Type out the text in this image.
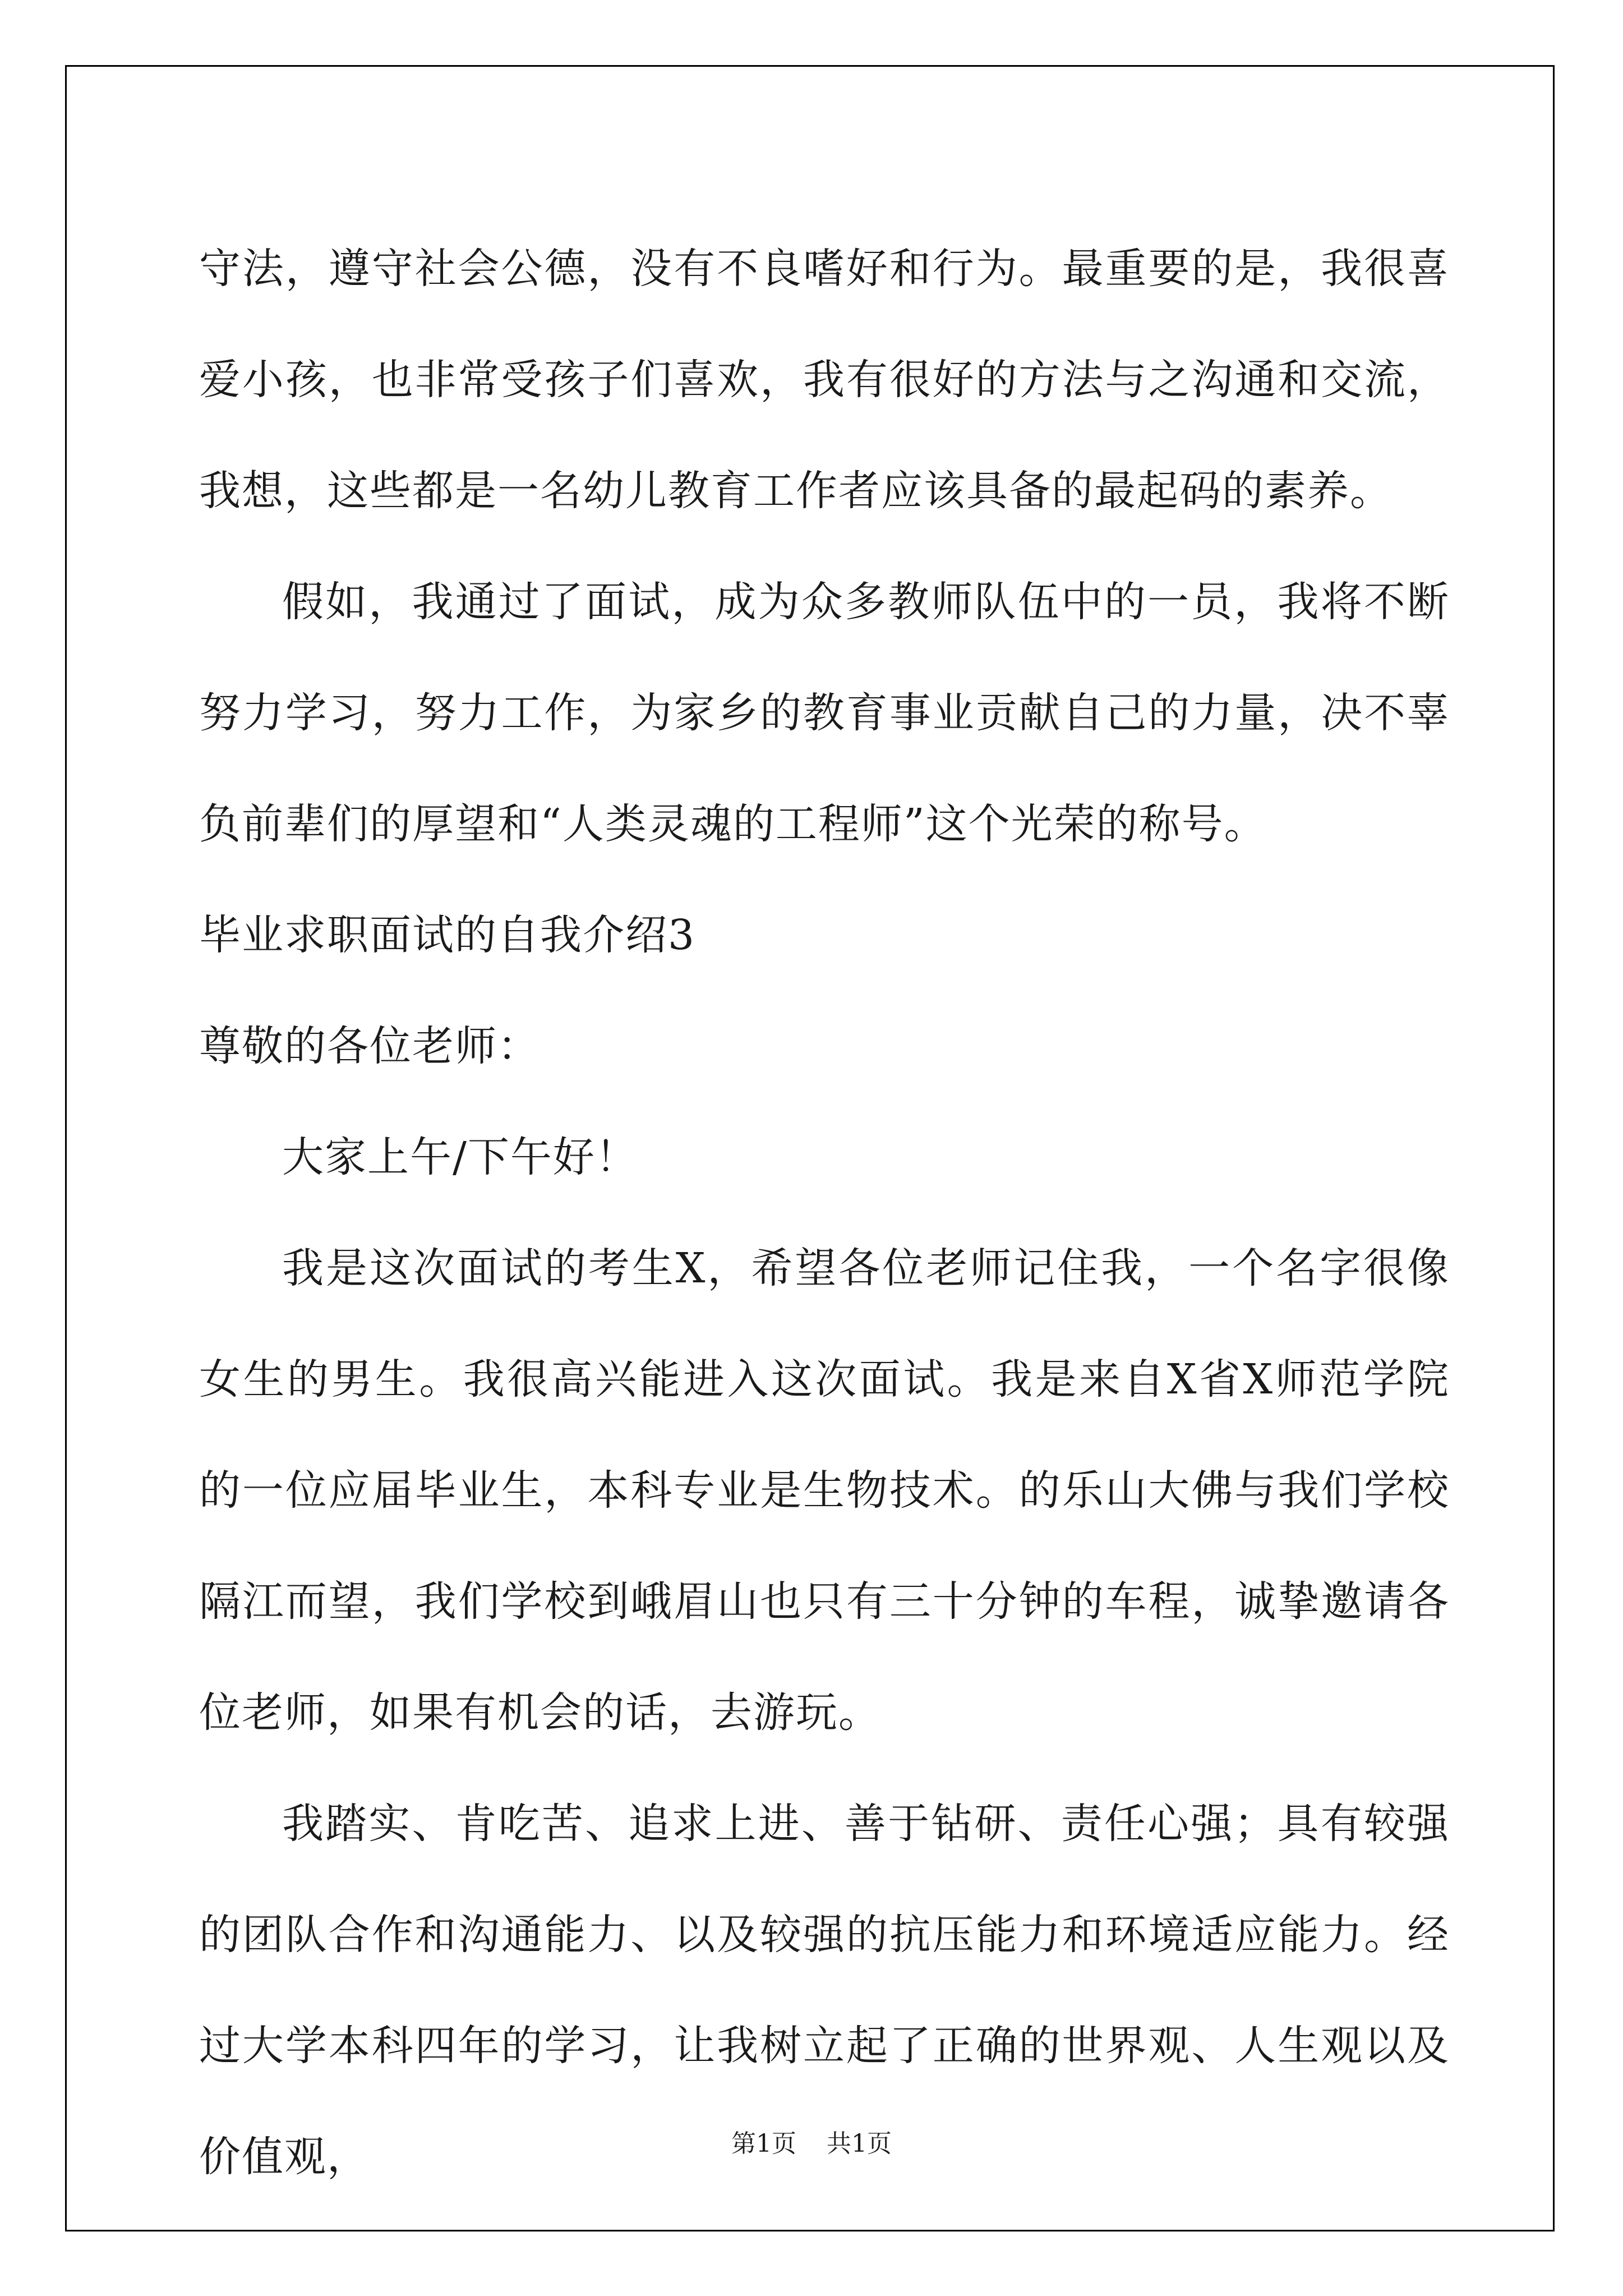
守法，遵守社会公德，没有不良嗜好和行为。最重要的是，我很喜爱小孩，也非常受孩子们喜欢，我有很好的方法与之沟通和交流，我想，这些都是一名幼儿教育工作者应该具备的最起码的素养。

假如，我通过了面试，成为众多教师队伍中的一员，我将不断努力学习，努力工作，为家乡的教育事业贡献自己的力量，决不辜负前辈们的厚望和“人类灵魂的工程师”这个光荣的称号。

毕业求职面试的自我介绍3

尊敬的各位老师：

大家上午/下午好！

我是这次面试的考生X，希望各位老师记住我，一个名字很像女生的男生。我很高兴能进入这次面试。我是来自X省X师范学院的一位应届毕业生，本科专业是生物技术。的乐山大佛与我们学校隔江而望，我们学校到峨眉山也只有三十分钟的车程，诚挚邀请各位老师，如果有机会的话，去游玩。

我踏实、肯吃苦、追求上进、善于钻研、责任心强；具有较强的团队合作和沟通能力、以及较强的抗压能力和环境适应能力。经过大学本科四年的学习，让我树立起了正确的世界观、人生观以及价值观，	第1页 共1页
